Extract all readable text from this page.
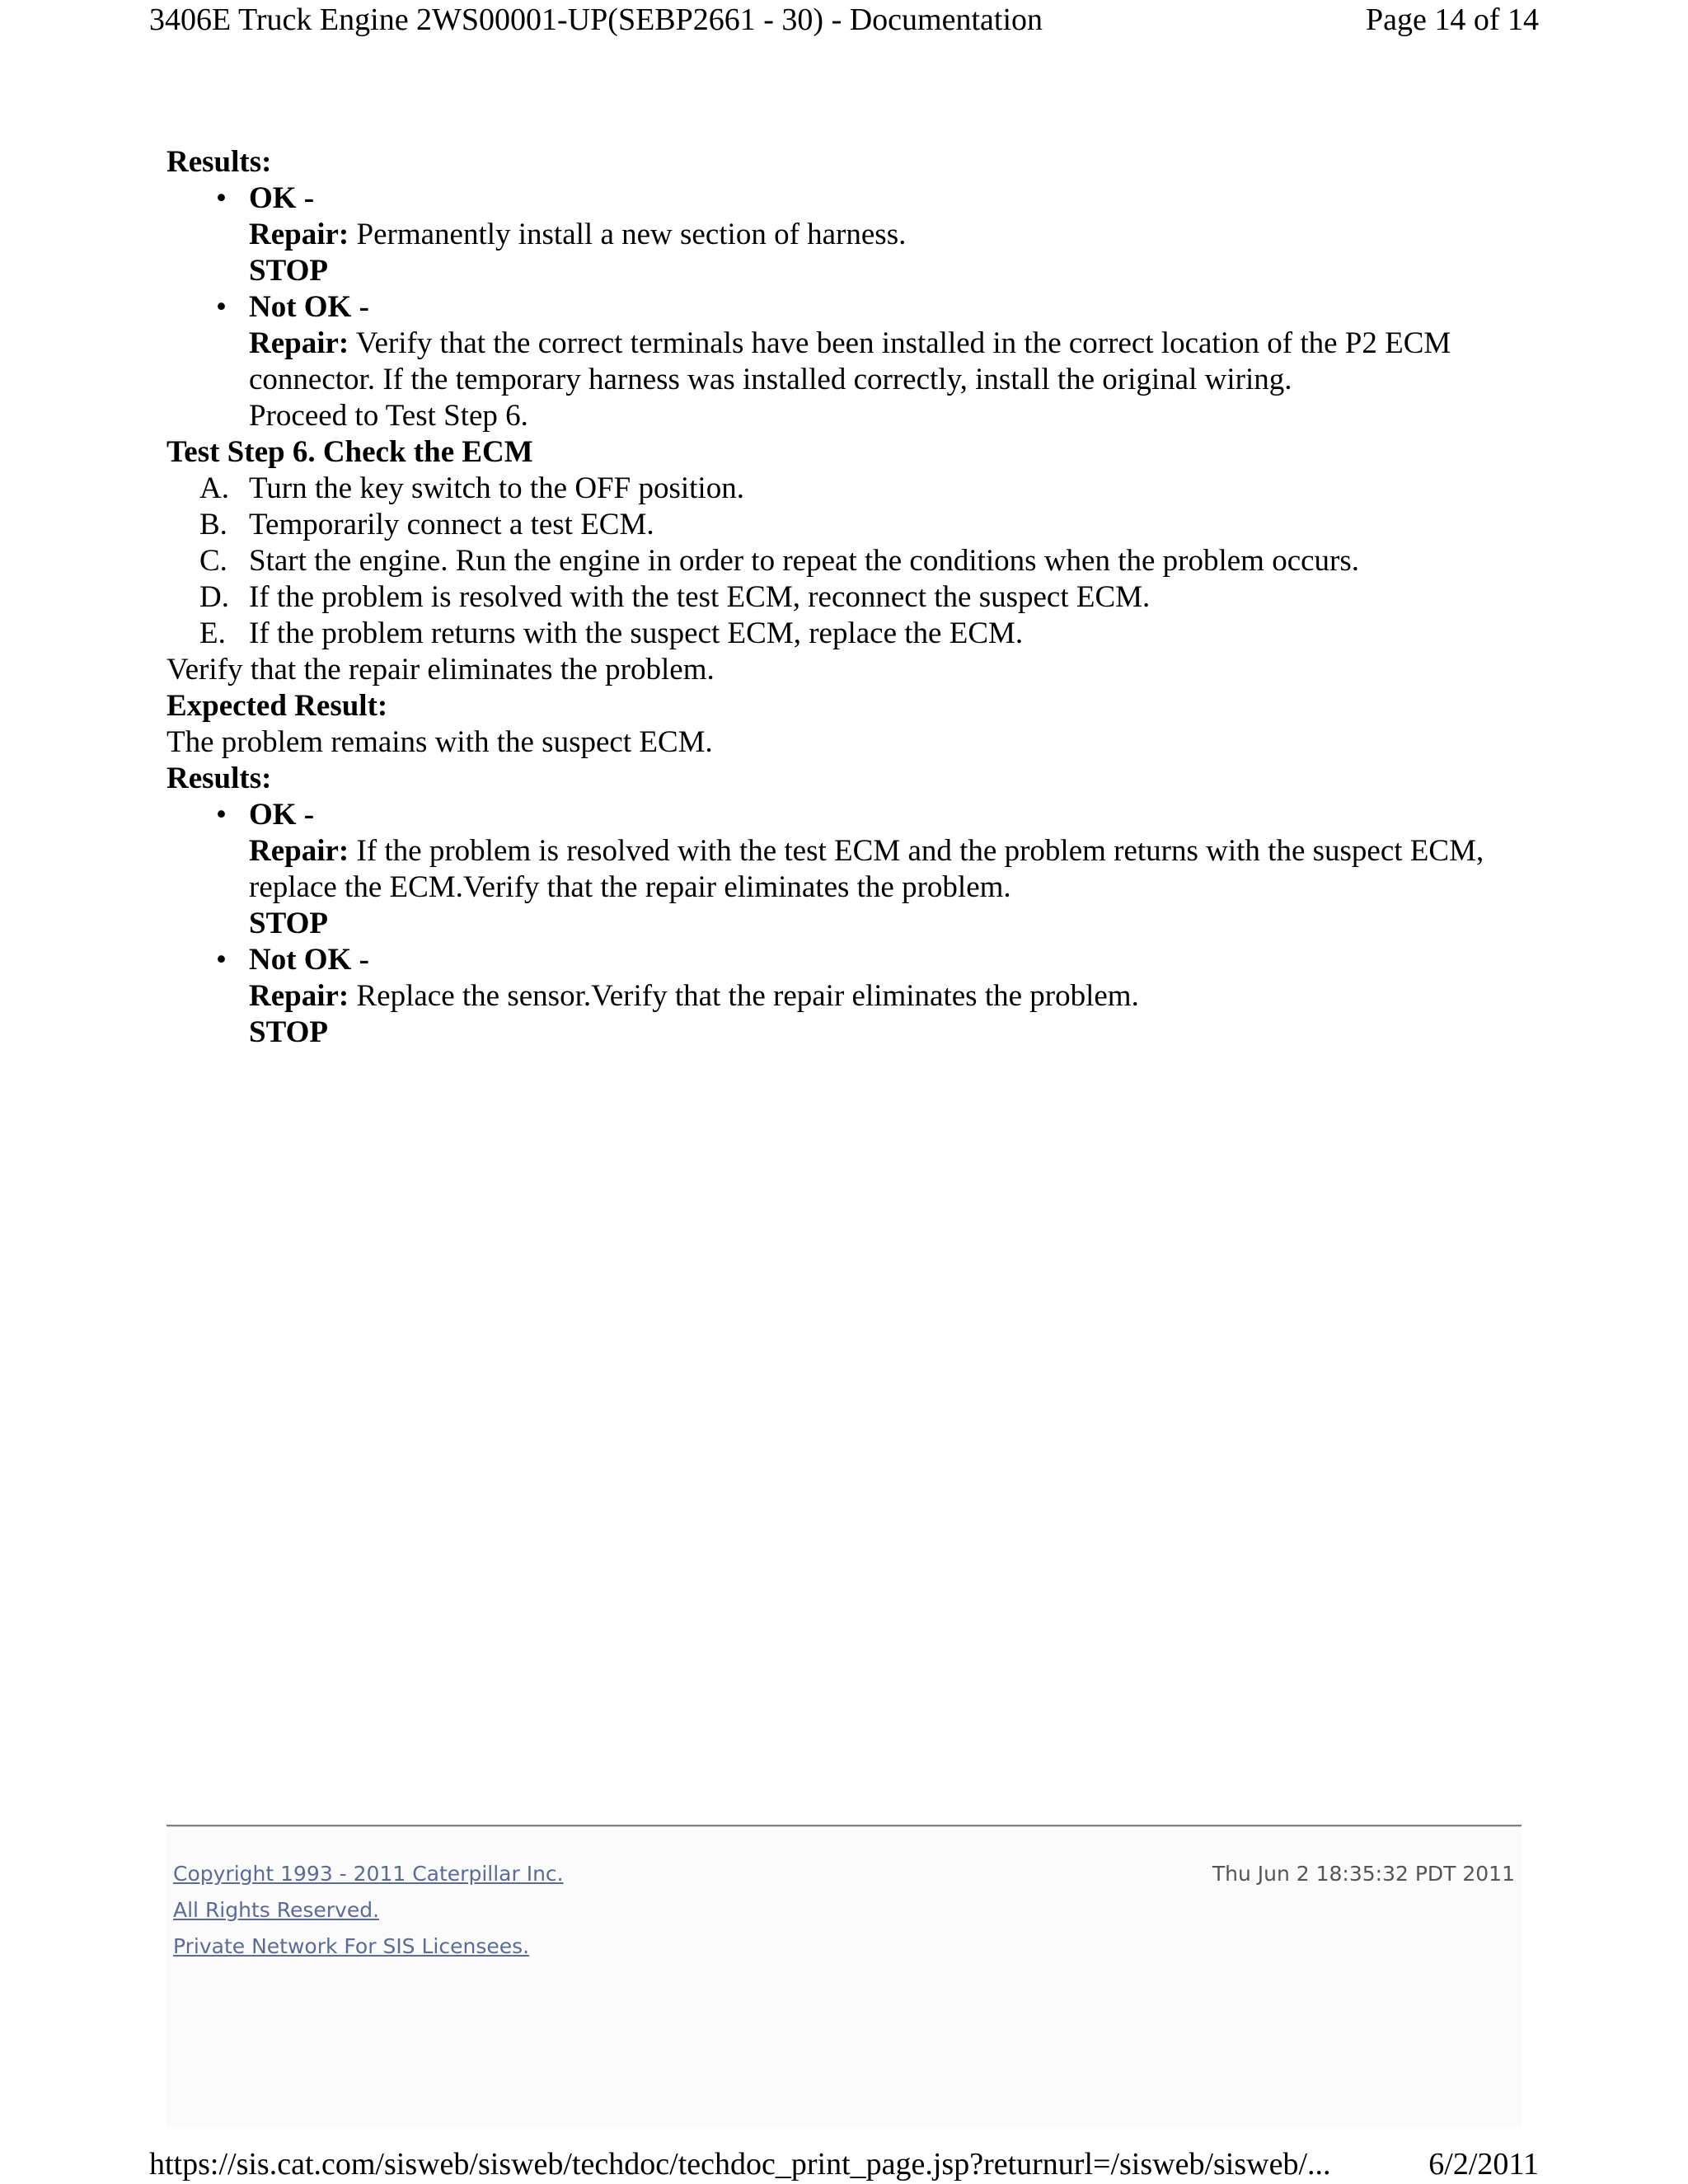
3406E Truck Engine 2WS00001-UP(SEBP2661 - 30) - Documentation	Page 14 of 14

Results:

• OK -

Repair: Permanently install a new section of harness.

STOP

• Not OK -

Repair: Verify that the correct terminals have been installed in the correct location of the P2 ECM connector. If the temporary harness was installed correctly, install the original wiring.

Proceed to Test Step 6.

Test Step 6. Check the ECM

A. Turn the key switch to the OFF position.
B. Temporarily connect a test ECM.
C. Start the engine. Run the engine in order to repeat the conditions when the problem occurs.
D. If the problem is resolved with the test ECM, reconnect the suspect ECM.
E. If the problem returns with the suspect ECM, replace the ECM.

Verify that the repair eliminates the problem.

Expected Result:

The problem remains with the suspect ECM.

Results:

• OK -

Repair: If the problem is resolved with the test ECM and the problem returns with the suspect ECM, replace the ECM.Verify that the repair eliminates the problem.

STOP

• Not OK -

Repair: Replace the sensor.Verify that the repair eliminates the problem.

STOP

Copyright 1993 - 2011 Caterpillar Inc.
All Rights Reserved.
Private Network For SIS Licensees.
Thu Jun 2 18:35:32 PDT 2011
https://sis.cat.com/sisweb/sisweb/techdoc/techdoc_print_page.jsp?returnurl=/sisweb/sisweb/...	6/2/2011
